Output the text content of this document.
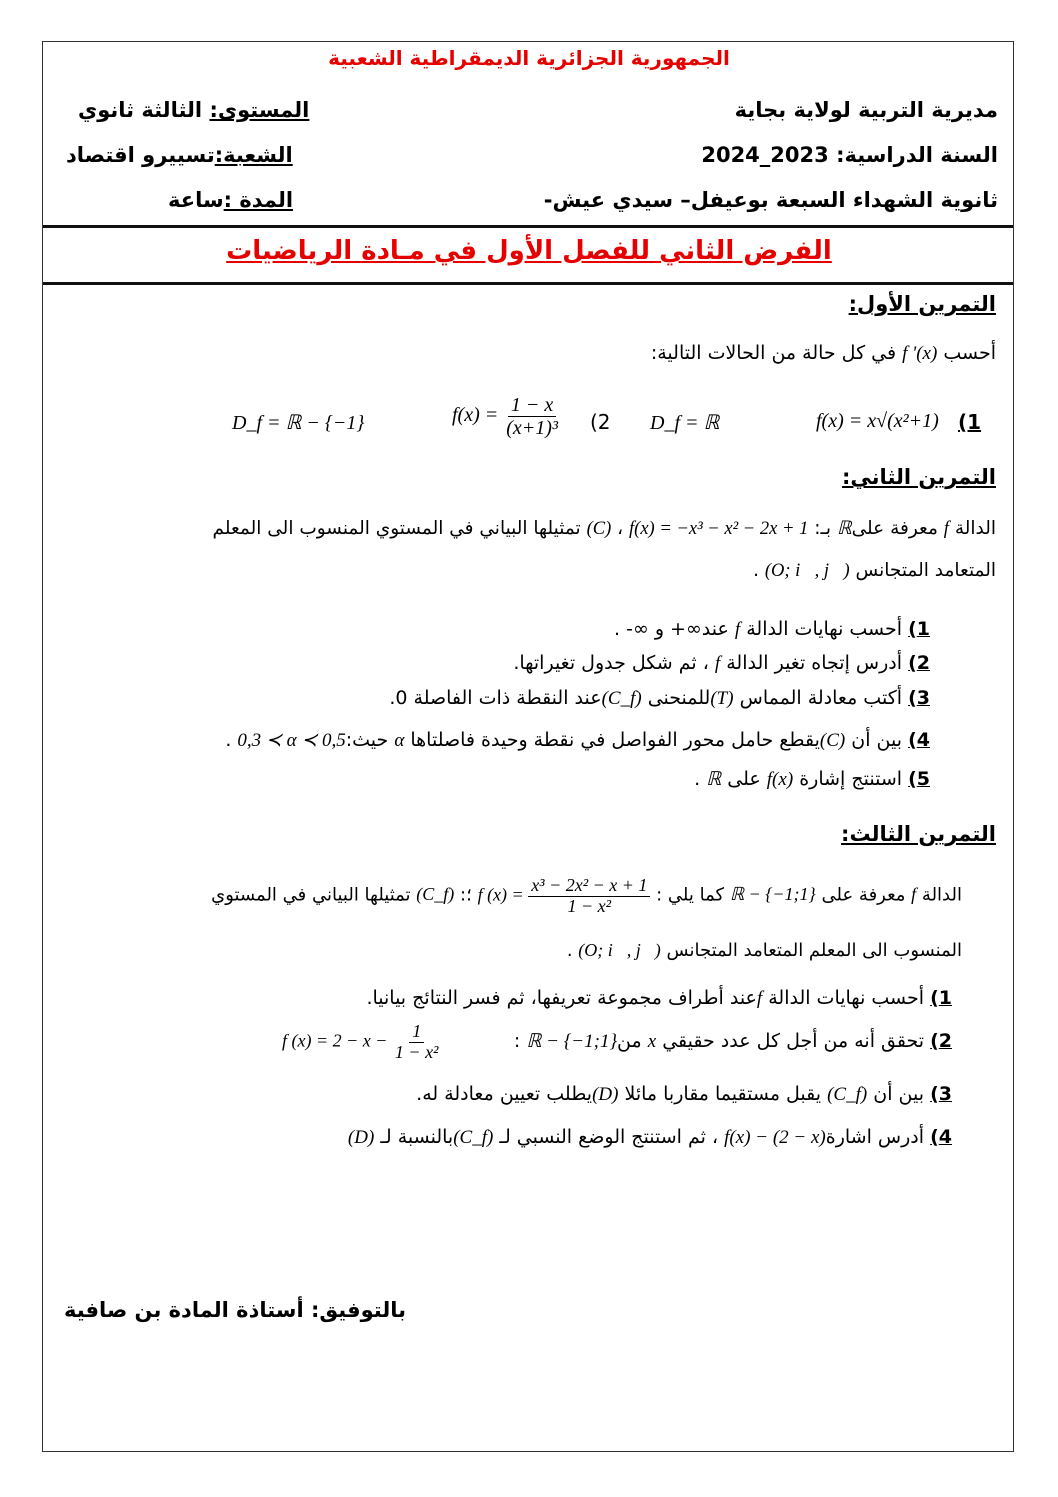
الجمهورية الجزائرية الديمقراطية الشعبية
مديرية التربية لولاية بجاية
السنة الدراسية: 2023_2024
ثانوية الشهداء السبعة بوعيفل– سيدي عيش-
المستوى: الثالثة ثانوي
الشعبة:تسييرو اقتصاد
المدة :ساعة
الفرض الثاني للفصل الأول في مـادة الرياضيات
التمرين الأول:
أحسب f '(x) في كل حالة من الحالات التالية:
(1
f(x) = x√(x²+1)
D_f = ℝ
(2
$f(x) = \frac{1 - x}{\text{(x+1)³}}$
D_f = ℝ − {−1}
التمرين الثاني:
الدالة f معرفة علىℝ بـ: f(x) = −x³ − x² − 2x + 1 ، (C) تمثيلها البياني في المستوي المنسوب الى المعلم
المتعامد المتجانس (O; i⃗, j⃗) .
1) أحسب نهايات الدالة f عند∞+ و ∞- .
2) أدرس إتجاه تغير الدالة f ، ثم شكل جدول تغيراتها.
3) أكتب معادلة المماس (T)للمنحنى (C_f)عند النقطة ذات الفاصلة 0.
4) بين أن (C)يقطع حامل محور الفواصل في نقطة وحيدة فاصلتاها α حيث:0,3 ≺ α ≺ 0,5 .
5) استنتج إشارة f(x) على ℝ .
التمرين الثالث:
الدالة f معرفة على ℝ − {−1;1} كما يلي : f $(x) = \frac{\text{x³ − 2x² − x + 1}}{\text{1 − x²}}$
؛: (C_f) تمثيلها البياني في المستوي
المنسوب الى المعلم المتعامد المتجانس (O; i⃗, j⃗) .
1) أحسب نهايات الدالة fعند أطراف مجموعة تعريفها، ثم فسر النتائج بيانيا.
2) تحقق أنه من أجل كل عدد حقيقي x منℝ − {−1;1} :
f $(x) = 2 - x - \frac{1}{\text{1 − x²}}$
3) بين أن (C_f) يقبل مستقيما مقاربا مائلا (D)يطلب تعيين معادلة له.
4) أدرس اشارةf(x) − (2 − x) ، ثم استنتج الوضع النسبي لـ (C_f)بالنسبة لـ (D)
بالتوفيق: أستاذة المادة بن صافية
